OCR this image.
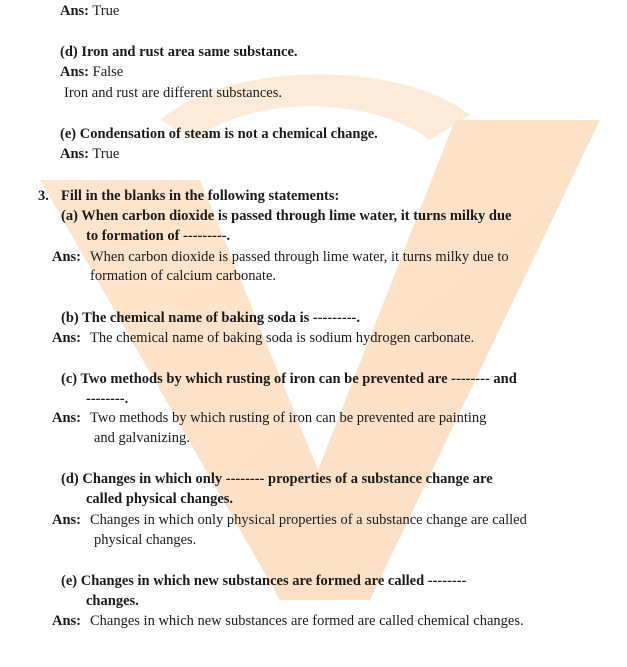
Ans: True
(d) Iron and rust area same substance.
Ans: False
Iron and rust are different substances.
(e) Condensation of steam is not a chemical change.
Ans: True
3. Fill in the blanks in the following statements:
(a) When carbon dioxide is passed through lime water, it turns milky due
to formation of ---------.
Ans: When carbon dioxide is passed through lime water, it turns milky due to
formation of calcium carbonate.
(b) The chemical name of baking soda is ---------.
Ans: The chemical name of baking soda is sodium hydrogen carbonate.
(c) Two methods by which rusting of iron can be prevented are -------- and
--------.
Ans: Two methods by which rusting of iron can be prevented are painting
and galvanizing.
(d) Changes in which only -------- properties of a substance change are
called physical changes.
Ans: Changes in which only physical properties of a substance change are called
physical changes.
(e) Changes in which new substances are formed are called --------
changes.
Ans: Changes in which new substances are formed are called chemical changes.
